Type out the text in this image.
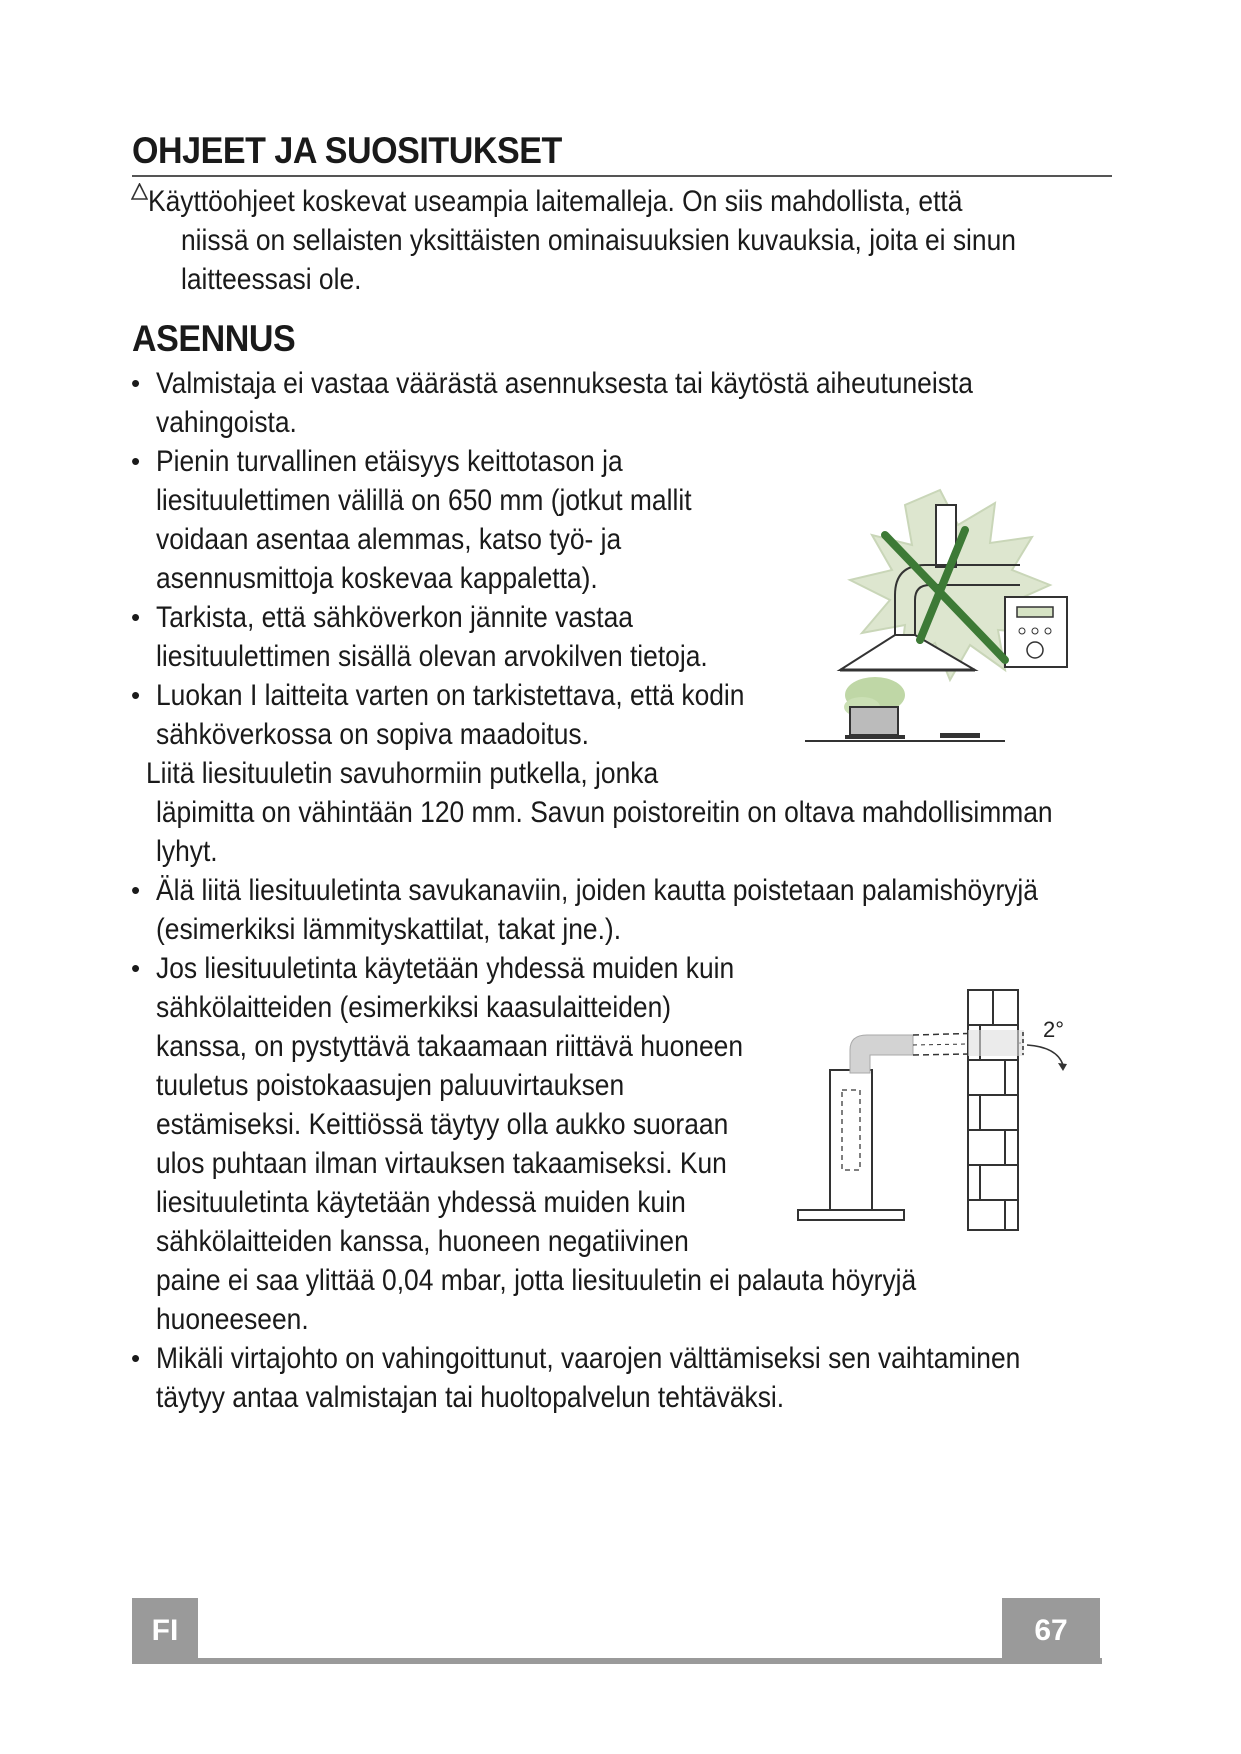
OHJEET JA SUOSITUKSET
Käyttöohjeet koskevat useampia laitemalleja. On siis mahdollista, että
niissä on sellaisten yksittäisten ominaisuuksien kuvauksia, joita ei sinun
laitteessasi ole.
ASENNUS
• Valmistaja ei vastaa väärästä asennuksesta tai käytöstä aiheutuneista
vahingoista.
• Pienin turvallinen etäisyys keittotason ja
liesituulettimen välillä on 650 mm (jotkut mallit
voidaan asentaa alemmas, katso työ- ja
asennusmittoja koskevaa kappaletta).
• Tarkista, että sähköverkon jännite vastaa
liesituulettimen sisällä olevan arvokilven tietoja.
• Luokan I laitteita varten on tarkistettava, että kodin
sähköverkossa on sopiva maadoitus.
Liitä liesituuletin savuhormiin putkella, jonka
läpimitta on vähintään 120 mm. Savun poistoreitin on oltava mahdollisimman
lyhyt.
• Älä liitä liesituuletinta savukanaviin, joiden kautta poistetaan palamishöyryjä
(esimerkiksi lämmityskattilat, takat jne.).
• Jos liesituuletinta käytetään yhdessä muiden kuin
sähkölaitteiden (esimerkiksi kaasulaitteiden)
kanssa, on pystyttävä takaamaan riittävä huoneen
tuuletus poistokaasujen paluuvirtauksen
estämiseksi. Keittiössä täytyy olla aukko suoraan
ulos puhtaan ilman virtauksen takaamiseksi. Kun
liesituuletinta käytetään yhdessä muiden kuin
sähkölaitteiden kanssa, huoneen negatiivinen
paine ei saa ylittää 0,04 mbar, jotta liesituuletin ei palauta höyryjä
huoneeseen.
• Mikäli virtajohto on vahingoittunut, vaarojen välttämiseksi sen vaihtaminen
täytyy antaa valmistajan tai huoltopalvelun tehtäväksi.
2°
FI	67
